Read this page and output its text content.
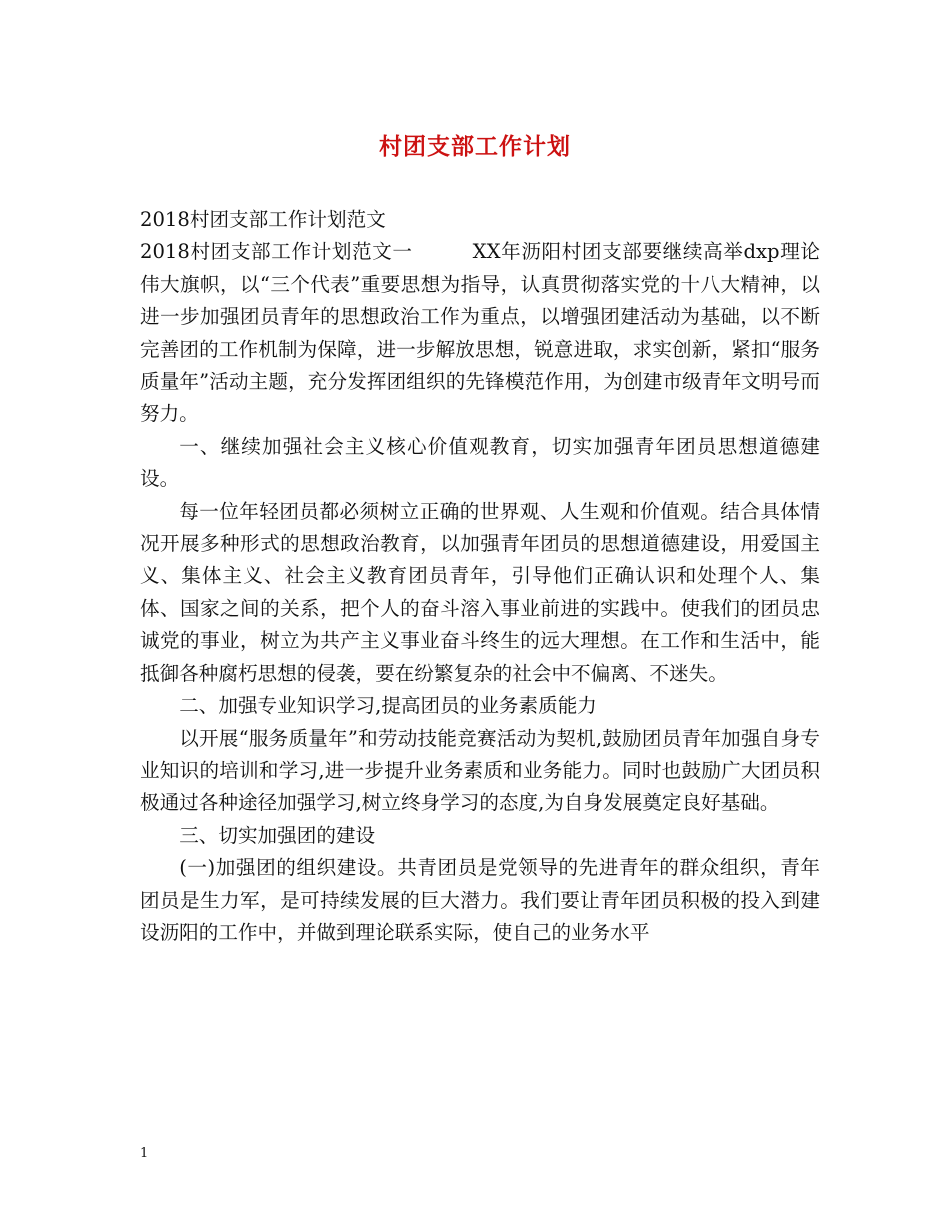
村团支部工作计划

2018村团支部工作计划范文

2018村团支部工作计划范文一	XX年沥阳村团支部要继续高举dxp理论伟大旗帜，以“三个代表”重要思想为指导，认真贯彻落实党的十八大精神，以进一步加强团员青年的思想政治工作为重点，以增强团建活动为基础，以不断完善团的工作机制为保障，进一步解放思想，锐意进取，求实创新，紧扣“服务质量年”活动主题，充分发挥团组织的先锋模范作用，为创建市级青年文明号而努力。

一、继续加强社会主义核心价值观教育，切实加强青年团员思想道德建设。

每一位年轻团员都必须树立正确的世界观、人生观和价值观。结合具体情况开展多种形式的思想政治教育，以加强青年团员的思想道德建设，用爱国主义、集体主义、社会主义教育团员青年，引导他们正确认识和处理个人、集体、国家之间的关系，把个人的奋斗溶入事业前进的实践中。使我们的团员忠诚党的事业，树立为共产主义事业奋斗终生的远大理想。在工作和生活中，能抵御各种腐朽思想的侵袭，要在纷繁复杂的社会中不偏离、不迷失。

二、加强专业知识学习,提高团员的业务素质能力

以开展“服务质量年”和劳动技能竞赛活动为契机,鼓励团员青年加强自身专业知识的培训和学习,进一步提升业务素质和业务能力。同时也鼓励广大团员积极通过各种途径加强学习,树立终身学习的态度,为自身发展奠定良好基础。

三、切实加强团的建设

(一)加强团的组织建设。共青团员是党领导的先进青年的群众组织，青年团员是生力军，是可持续发展的巨大潜力。我们要让青年团员积极的投入到建设沥阳的工作中，并做到理论联系实际，使自己的业务水平

1
